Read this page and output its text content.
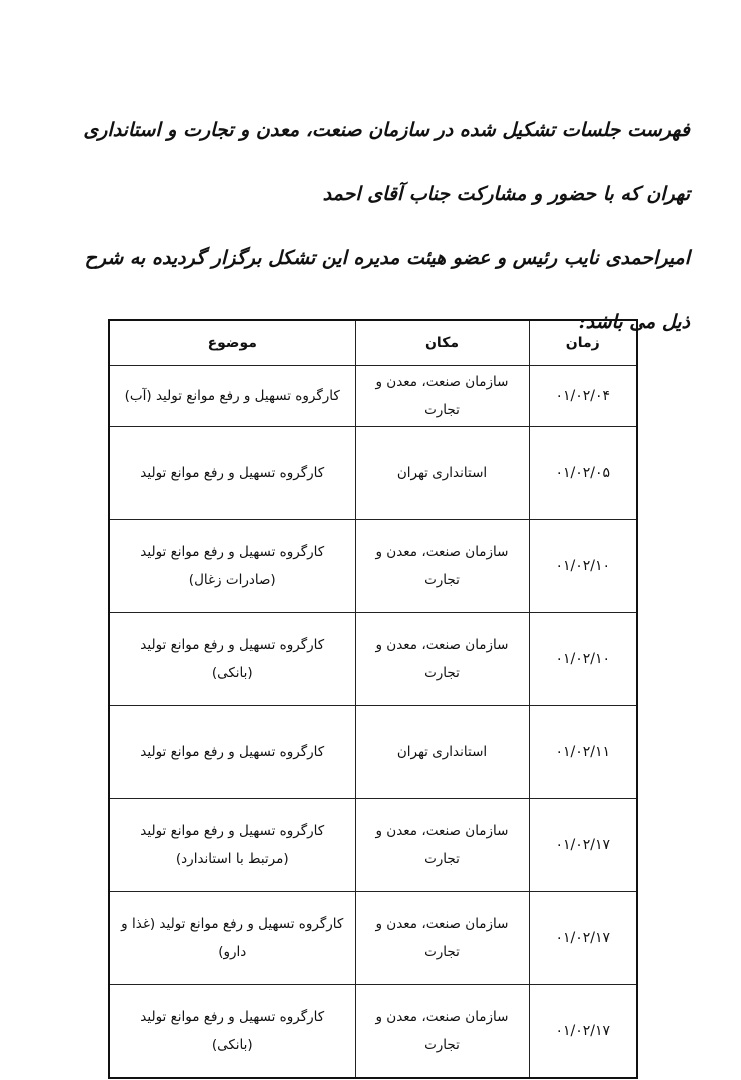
فهرست جلسات تشکیل شده در سازمان صنعت، معدن و تجارت و استانداری تهران که با حضور و مشارکت جناب آقای احمد

امیراحمدی نایب رئیس و عضو هیئت مدیره این تشکل برگزار گردیده به شرح ذیل می باشد:

زمان	مکان	موضوع
۰۱/۰۲/۰۴	سازمان صنعت، معدن و تجارت	کارگروه تسهیل و رفع موانع تولید (آب)
۰۱/۰۲/۰۵	استانداری تهران	کارگروه تسهیل و رفع موانع تولید
۰۱/۰۲/۱۰	سازمان صنعت، معدن و تجارت	کارگروه تسهیل و رفع موانع تولید (صادرات زغال)
۰۱/۰۲/۱۰	سازمان صنعت، معدن و تجارت	کارگروه تسهیل و رفع موانع تولید (بانکی)
۰۱/۰۲/۱۱	استانداری تهران	کارگروه تسهیل و رفع موانع تولید
۰۱/۰۲/۱۷	سازمان صنعت، معدن و تجارت	کارگروه تسهیل و رفع موانع تولید (مرتبط با استاندارد)
۰۱/۰۲/۱۷	سازمان صنعت، معدن و تجارت	کارگروه تسهیل و رفع موانع تولید (غذا و دارو)
۰۱/۰۲/۱۷	سازمان صنعت، معدن و تجارت	کارگروه تسهیل و رفع موانع تولید (بانکی)
